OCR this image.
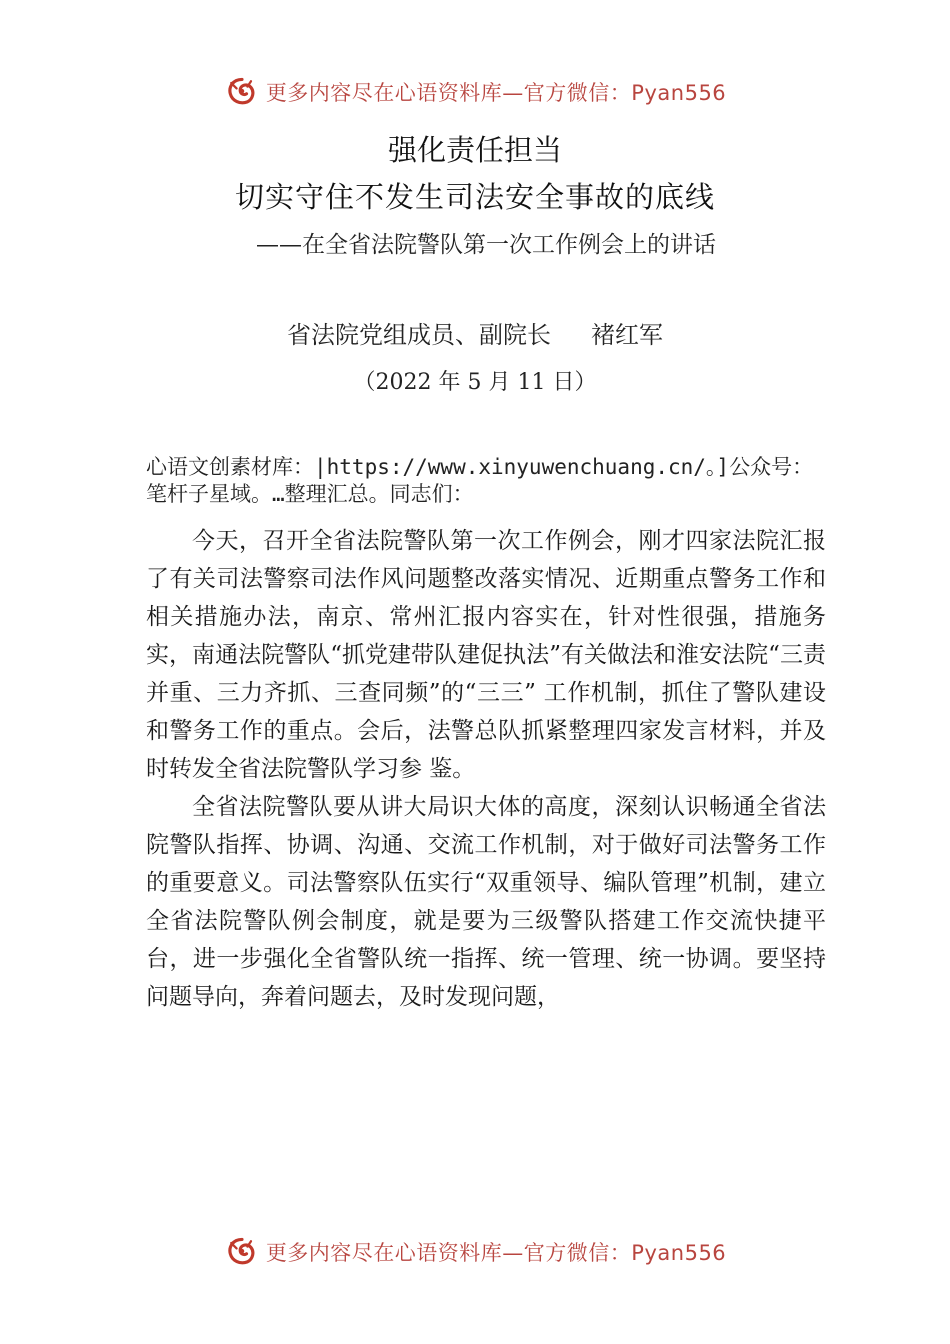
更多内容尽在心语资料库—官方微信：Pyan556
强化责任担当
切实守住不发生司法安全事故的底线
——在全省法院警队第一次工作例会上的讲话
省法院党组成员、副院长 褚红军
（2022 年 5 月 11 日）
心语文创素材库：|https://www.xinyuwenchuang.cn/。]公众号：笔杆子星域。…整理汇总。同志们：

今天，召开全省法院警队第一次工作例会，刚才四家法院汇报了有关司法警察司法作风问题整改落实情况、近期重点警务工作和相关措施办法，南京、常州汇报内容实在，针对性很强，措施务实，南通法院警队“抓党建带队建促执法”有关做法和淮安法院“三责并重、三力齐抓、三查同频”的“三三” 工作机制，抓住了警队建设和警务工作的重点。会后，法警总队抓紧整理四家发言材料，并及时转发全省法院警队学习参 鉴。

全省法院警队要从讲大局识大体的高度，深刻认识畅通全省法院警队指挥、协调、沟通、交流工作机制，对于做好司法警务工作的重要意义。司法警察队伍实行“双重领导、编队管理”机制，建立全省法院警队例会制度，就是要为三级警队搭建工作交流快捷平台，进一步强化全省警队统一指挥、统一管理、统一协调。要坚持问题导向，奔着问题去，及时发现问题，

更多内容尽在心语资料库—官方微信：Pyan556
